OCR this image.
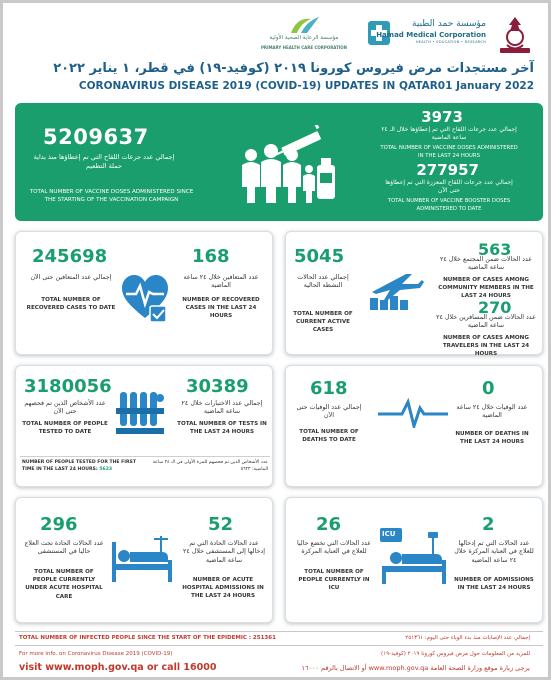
مؤسسة حمد الطبية
Hamad Medical Corporation
HEALTH • EDUCATION • RESEARCH
مؤسسة الرعاية الصحية الأولية
PRIMARY HEALTH CARE CORPORATION
آخر مستجدات مرض فيروس كورونا ٢٠١٩ (كوفيد-١٩) في قطر، ١ يناير ٢٠٢٢
CORONAVIRUS DISEASE 2019 (COVID-19) UPDATES IN QATAR01 January 2022
5209637
إجمالي عدد جرعات اللقاح التي تم إعطاؤها منذ بداية حملة التطعيم
TOTAL NUMBER OF VACCINE DOSES ADMINISTERED SINCE THE STARTING OF THE VACCINATION CAMPAIGN
3973
إجمالي عدد جرعات اللقاح التي تم إعطاؤها خلال الـ ٢٤ ساعة الماضية
TOTAL NUMBER OF VACCINE DOSES ADMINISTERED IN THE LAST 24 HOURS
277957
إجمالي عدد جرعات اللقاح المعززة التي تم إعطاؤها حتى الآن
TOTAL NUMBER OF VACCINE BOOSTER DOSES ADMINISTERED TO DATE
245698
إجمالي عدد المتعافين حتى الآن
TOTAL NUMBER OF RECOVERED CASES TO DATE
168
عدد المتعافين خلال ٢٤ ساعة الماضية
NUMBER OF RECOVERED CASES IN THE LAST 24 HOURS
5045
إجمالي عدد الحالات النشطة الحالية
TOTAL NUMBER OF CURRENT ACTIVE CASES
563
عدد الحالات ضمن المجتمع خلال ٢٤ ساعة الماضية
NUMBER OF CASES AMONG COMMUNITY MEMBERS IN THE LAST 24 HOURS
270
عدد الحالات ضمن المسافرين خلال ٢٤ ساعة الماضية
NUMBER OF CASES AMONG TRAVELERS IN THE LAST 24 HOURS
3180056
عدد الأشخاص الذين تم فحصهم حتى الآن
TOTAL NUMBER OF PEOPLE TESTED TO DATE
30389
إجمالي عدد الاختبارات خلال ٢٤ ساعة الماضية
TOTAL NUMBER OF TESTS IN THE LAST 24 HOURS
NUMBER OF PEOPLE TESTED FOR THE FIRST TIME IN THE LAST 24 HOURS: 5623
عدد الأشخاص الذين تم فحصهم للمرة الأولى في الـ ٢٤ ساعة الماضية: ٥٦٢٣
618
إجمالي عدد الوفيات حتى الآن
TOTAL NUMBER OF DEATHS TO DATE
0
عدد الوفيات خلال ٢٤ ساعة الماضية
NUMBER OF DEATHS IN THE LAST 24 HOURS
296
عدد الحالات الحادة تحت العلاج حاليا في المستشفى
TOTAL NUMBER OF PEOPLE CURRENTLY UNDER ACUTE HOSPITAL CARE
52
عدد الحالات الحادة التي تم إدخالها إلى المستشفى خلال ٢٤ ساعة الماضية
NUMBER OF ACUTE HOSPITAL ADMISSIONS IN THE LAST 24 HOURS
26
عدد الحالات التي تخضع حاليا للعلاج في العناية المركزة
TOTAL NUMBER OF PEOPLE CURRENTLY IN ICU
ICU	2
عدد الحالات التي تم إدخالها للعلاج في العناية المركزة خلال ٢٤ ساعة الماضية
NUMBER OF ADMISSIONS IN THE LAST 24 HOURS
TOTAL NUMBER OF INFECTED PEOPLE SINCE THE START OF THE EPIDEMIC : 251361	إجمالي عدد الإصابات منذ بدء الوباء حتى اليوم: ٢٥١٣٦١
For more info. on Coronavirus Disease 2019 (COVID-19)	للمزيد من المعلومات حول مرض فيروس كورونا ٢٠١٩ (كوفيد-١٩)
visit www.moph.gov.qa or call 16000	يرجى زيارة موقع وزارة الصحة العامة www.moph.gov.qa أو الاتصال بالرقم ١٦٠٠٠
